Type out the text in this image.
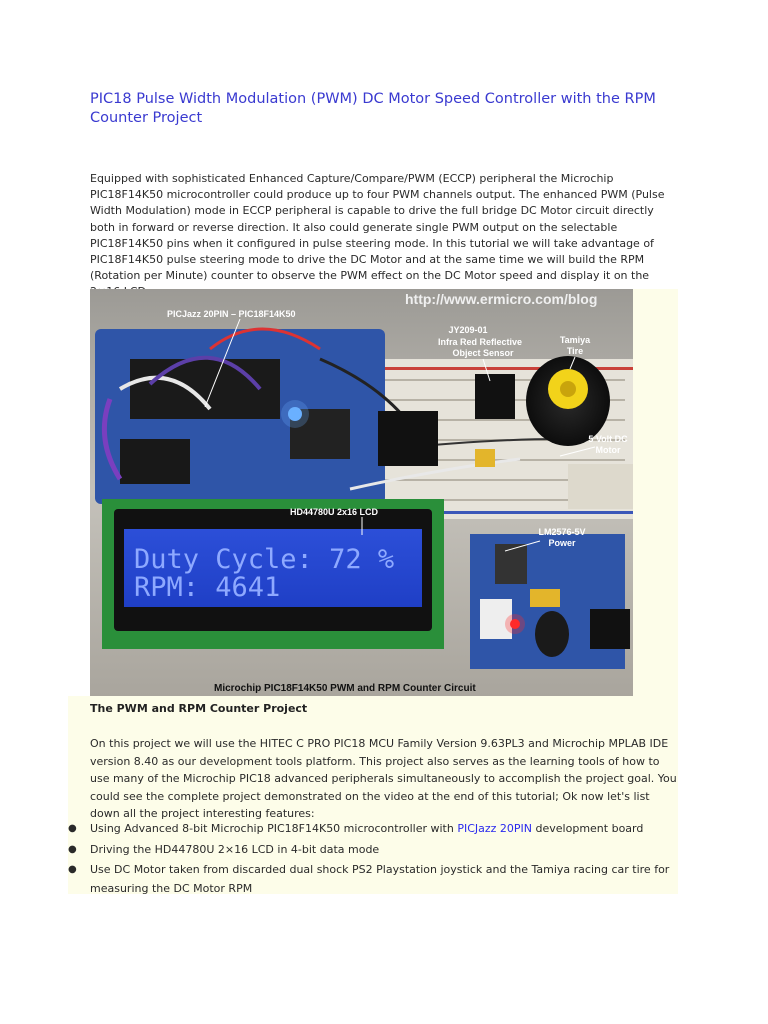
PIC18 Pulse Width Modulation (PWM) DC Motor Speed Controller with the RPM Counter Project

Equipped with sophisticated Enhanced Capture/Compare/PWM (ECCP) peripheral the Microchip PIC18F14K50 microcontroller could produce up to four PWM channels output. The enhanced PWM (Pulse Width Modulation) mode in ECCP peripheral is capable to drive the full bridge DC Motor circuit directly both in forward or reverse direction. It also could generate single PWM output on the selectable PIC18F14K50 pins when it configured in pulse steering mode. In this tutorial we will take advantage of PIC18F14K50 pulse steering mode to drive the DC Motor and at the same time we will build the RPM (Rotation per Minute) counter to observe the PWM effect on the DC Motor speed and display it on the

Duty Cycle: 72 %
RPM: 4641
http://www.ermicro.com/blog
PICJazz 20PIN – PIC18F14K50
JY209-01
Infra Red Reflective
Object Sensor
Tamiya
Tire
5 Volt DC
Motor
HD44780U 2x16 LCD
LM2576-5V
Power
Microchip PIC18F14K50 PWM and RPM Counter Circuit

The PWM and RPM Counter Project

On this project we will use the HITEC C PRO PIC18 MCU Family Version 9.63PL3 and Microchip MPLAB IDE version 8.40 as our development tools platform. This project also serves as the learning tools of how to use many of the Microchip PIC18 advanced peripherals simultaneously to accomplish the project goal. You could see the complete project demonstrated on the video at the end of this tutorial; Ok now let's list down all the project interesting features:

●	Using Advanced 8-bit Microchip PIC18F14K50 microcontroller with PICJazz 20PIN development board
●	Driving the HD44780U 2×16 LCD in 4-bit data mode
●	Use DC Motor taken from discarded dual shock PS2 Playstation joystick and the Tamiya racing car tire for measuring the DC Motor RPM
